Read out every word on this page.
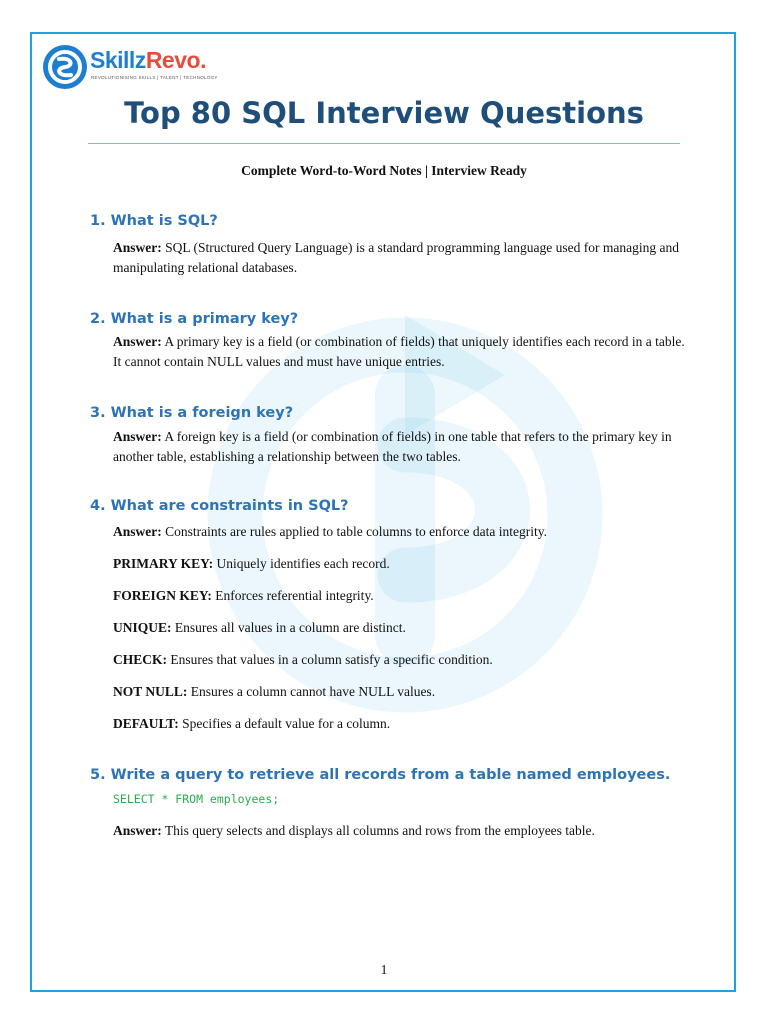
SkillzRevo.
REVOLUTIONISING SKILLS | TALENT | TECHNOLOGY
Top 80 SQL Interview Questions
Complete Word-to-Word Notes | Interview Ready
1. What is SQL?

Answer: SQL (Structured Query Language) is a standard programming language used for managing and manipulating relational databases.

2. What is a primary key?

Answer: A primary key is a field (or combination of fields) that uniquely identifies each record in a table. It cannot contain NULL values and must have unique entries.

3. What is a foreign key?

Answer: A foreign key is a field (or combination of fields) in one table that refers to the primary key in another table, establishing a relationship between the two tables.

4. What are constraints in SQL?

Answer: Constraints are rules applied to table columns to enforce data integrity.

PRIMARY KEY: Uniquely identifies each record.

FOREIGN KEY: Enforces referential integrity.

UNIQUE: Ensures all values in a column are distinct.

CHECK: Ensures that values in a column satisfy a specific condition.

NOT NULL: Ensures a column cannot have NULL values.

DEFAULT: Specifies a default value for a column.

5. Write a query to retrieve all records from a table named employees.
SELECT * FROM employees;

Answer: This query selects and displays all columns and rows from the employees table.

1
